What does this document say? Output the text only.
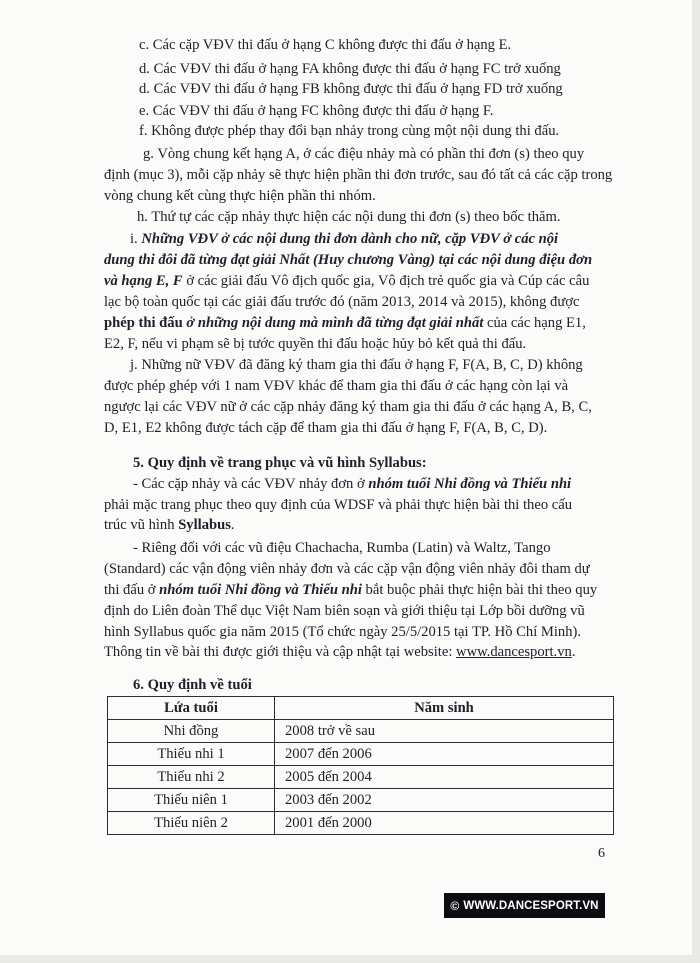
c. Các cặp VĐV thi đấu ở hạng C không được thi đấu ở hạng E.
d. Các VĐV thi đấu ở hạng FA không được thi đấu ở hạng FC trở xuống
d. Các VĐV thi đấu ở hạng FB không được thi đấu ở hạng FD trở xuống
e. Các VĐV thi đấu ở hạng FC không được thi đấu ở hạng F.
f. Không được phép thay đổi bạn nhảy trong cùng một nội dung thi đấu.
g. Vòng chung kết hạng A, ở các điệu nhảy mà có phần thi đơn (s) theo quy
định (mục 3), mỗi cặp nhảy sẽ thực hiện phần thi đơn trước, sau đó tất cả các cặp trong
vòng chung kết cùng thực hiện phần thi nhóm.
h. Thứ tự các cặp nhảy thực hiện các nội dung thi đơn (s) theo bốc thăm.
i. Những VĐV ở các nội dung thi đơn dành cho nữ, cặp VĐV ở các nội
dung thi đôi đã từng đạt giải Nhất (Huy chương Vàng) tại các nội dung điệu đơn
và hạng E, F ở các giải đấu Vô địch quốc gia, Vô địch trẻ quốc gia và Cúp các câu
lạc bộ toàn quốc tại các giải đấu trước đó (năm 2013, 2014 và 2015), không được
phép thi đấu ở những nội dung mà mình đã từng đạt giải nhất của các hạng E1,
E2, F, nếu vi phạm sẽ bị tước quyền thi đấu hoặc hủy bỏ kết quả thi đấu.
j. Những nữ VĐV đã đăng ký tham gia thi đấu ở hạng F, F(A, B, C, D) không
được phép ghép với 1 nam VĐV khác để tham gia thi đấu ở các hạng còn lại và
ngược lại các VĐV nữ ở các cặp nhảy đăng ký tham gia thi đấu ở các hạng A, B, C,
D, E1, E2 không được tách cặp để tham gia thi đấu ở hạng F, F(A, B, C, D).
5. Quy định về trang phục và vũ hình Syllabus:
- Các cặp nhảy và các VĐV nhảy đơn ở nhóm tuổi Nhi đồng và Thiếu nhi
phải mặc trang phục theo quy định của WDSF và phải thực hiện bài thi theo cấu
trúc vũ hình Syllabus.
- Riêng đối với các vũ điệu Chachacha, Rumba (Latin) và Waltz, Tango
(Standard) các vận động viên nhảy đơn và các cặp vận động viên nhảy đôi tham dự
thi đấu ở nhóm tuổi Nhi đồng và Thiếu nhi bắt buộc phải thực hiện bài thi theo quy
định do Liên đoàn Thể dục Việt Nam biên soạn và giới thiệu tại Lớp bồi dưỡng vũ
hình Syllabus quốc gia năm 2015 (Tổ chức ngày 25/5/2015 tại TP. Hồ Chí Minh).
Thông tin về bài thi được giới thiệu và cập nhật tại website: www.dancesport.vn.
6. Quy định về tuổi
Lứa tuổi	Năm sinh
Nhi đồng	2008 trở về sau
Thiếu nhi 1	2007 đến 2006
Thiếu nhi 2	2005 đến 2004
Thiếu niên 1	2003 đến 2002
Thiếu niên 2	2001 đến 2000
6
© WWW.DANCESPORT.VN
